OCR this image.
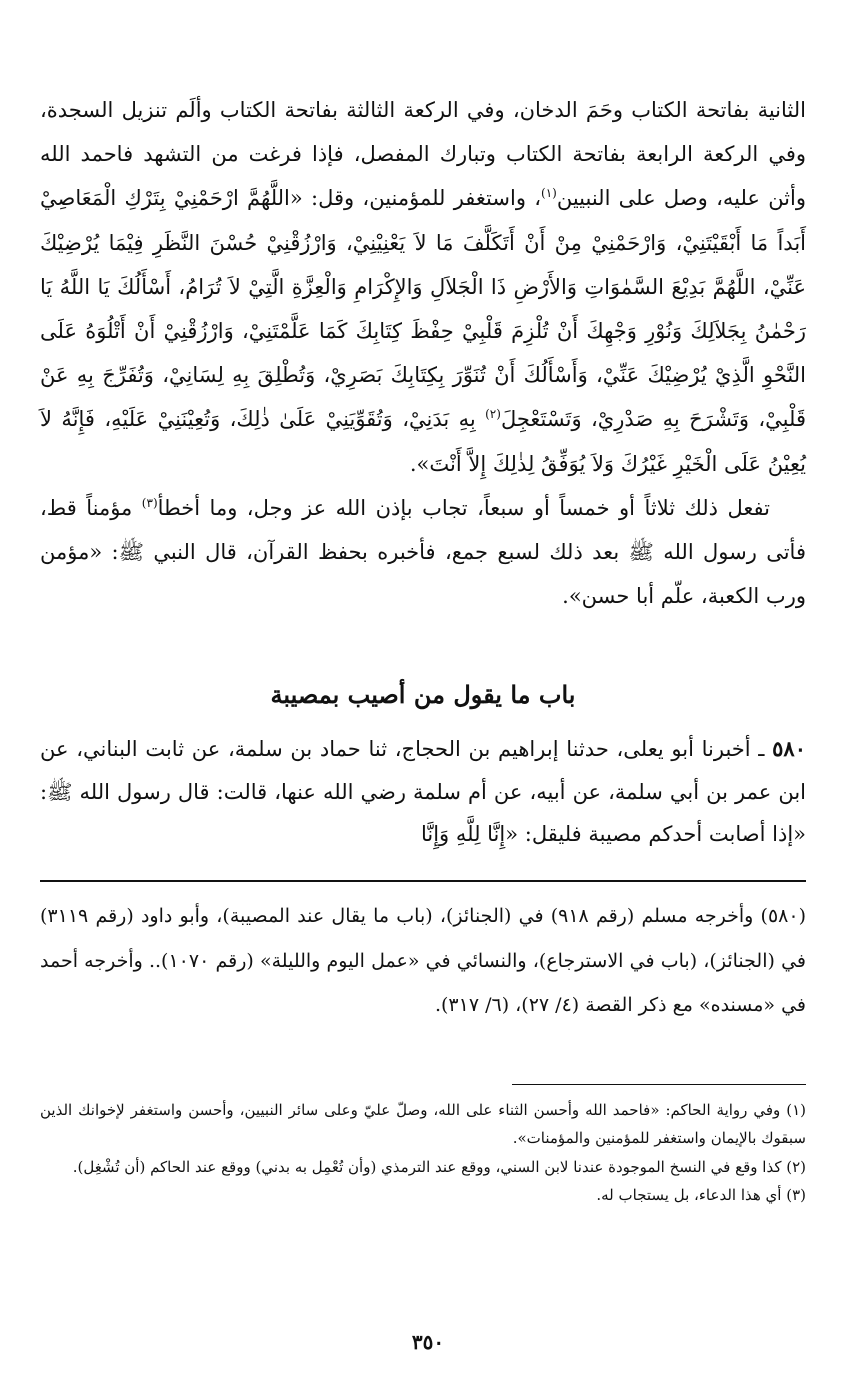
الثانية بفاتحة الكتاب وحَمَ الدخان، وفي الركعة الثالثة بفاتحة الكتاب وألَم تنزيل السجدة، وفي الركعة الرابعة بفاتحة الكتاب وتبارك المفصل، فإذا فرغت من التشهد فاحمد الله وأثن عليه، وصل على النبيين$^{(١)}$، واستغفر للمؤمنين، وقل: «اللَّهُمَّ ارْحَمْنِيْ بِتَرْكِ الْمَعَاصِيْ أَبَداً مَا أَبْقَيْتَنِيْ، وَارْحَمْنِيْ مِنْ أَنْ أَتَكَلَّفَ مَا لاَ يَعْنِيْنِيْ، وَارْزُقْنِيْ حُسْنَ النَّظَرِ فِيْمَا يُرْضِيْكَ عَنِّيْ، اللَّهُمَّ بَدِيْعَ السَّمٰوَاتِ وَالأَرْضِ ذَا الْجَلاَلِ وَالإِكْرَامِ وَالْعِزَّةِ الَّتِيْ لاَ تُرَامُ، أَسْأَلُكَ يَا اللَّهُ يَا رَحْمٰنُ بِجَلاَلِكَ وَنُوْرِ وَجْهِكَ أَنْ تُلْزِمَ قَلْبِيْ حِفْظَ كِتَابِكَ كَمَا عَلَّمْتَنِيْ، وَارْزُقْنِيْ أَنْ أَتْلُوَهُ عَلَى النَّحْوِ الَّذِيْ يُرْضِيْكَ عَنِّيْ، وَأَسْأَلُكَ أَنْ تُنَوِّرَ بِكِتَابِكَ بَصَرِيْ، وَتُطْلِقَ بِهِ لِسَانِيْ، وَتُفَرِّجَ بِهِ عَنْ قَلْبِيْ، وَتَشْرَحَ بِهِ صَدْرِيْ، وَتَسْتَعْجِلَ$^{(٢)}$ بِهِ بَدَنِيْ، وَتُقَوِّيَنِيْ عَلَىٰ ذٰلِكَ، وَتُعِيْنَنِيْ عَلَيْهِ، فَإِنَّهُ لاَ يُعِيْنُ عَلَى الْخَيْرِ غَيْرُكَ وَلاَ يُوَفِّقُ لِذٰلِكَ إِلاَّ أَنْتَ».

تفعل ذلك ثلاثاً أو خمساً أو سبعاً، تجاب بإذن الله عز وجل، وما أخطأ$^{(٣)}$ مؤمناً قط، فأتى رسول الله ﷺ بعد ذلك لسبع جمع، فأخبره بحفظ القرآن، قال النبي ﷺ: «مؤمن ورب الكعبة، علّم أبا حسن».

باب ما يقول من أصيب بمصيبة

٥٨٠ ـ أخبرنا أبو يعلى، حدثنا إبراهيم بن الحجاج، ثنا حماد بن سلمة، عن ثابت البناني، عن ابن عمر بن أبي سلمة، عن أبيه، عن أم سلمة رضي الله عنها، قالت: قال رسول الله ﷺ: «إذا أصابت أحدكم مصيبة فليقل: «إِنَّا لِلَّهِ وَإِنَّا

(٥٨٠) وأخرجه مسلم (رقم ٩١٨) في (الجنائز)، (باب ما يقال عند المصيبة)، وأبو داود (رقم ٣١١٩) في (الجنائز)، (باب في الاسترجاع)، والنسائي في «عمل اليوم والليلة» (رقم ١٠٧٠).. وأخرجه أحمد في «مسنده» مع ذكر القصة (٤/ ٢٧)، (٦/ ٣١٧).

(١) وفي رواية الحاكم: «فاحمد الله وأحسن الثناء على الله، وصلّ عليّ وعلى سائر النبيين، وأحسن واستغفر لإخوانك الذين سبقوك بالإيمان واستغفر للمؤمنين والمؤمنات».

(٢) كذا وقع في النسخ الموجودة عندنا لابن السني، ووقع عند الترمذي (وأن تُعْمِل به بدني) ووقع عند الحاكم (أن تُشْغِل).

(٣) أي هذا الدعاء، بل يستجاب له.

٣٥٠
